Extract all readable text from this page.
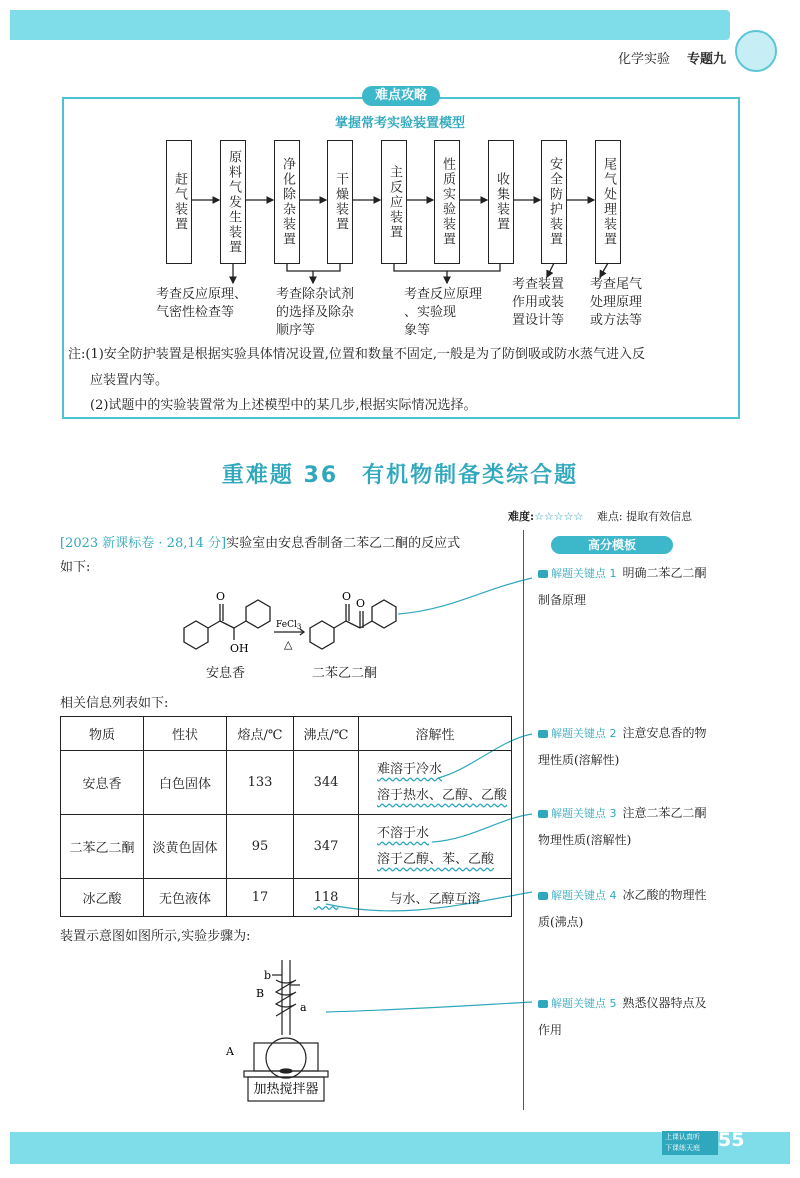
化学实验 专题九
难点攻略
掌握常考实验装置模型
赶气装置	原料气发生装置	净化除杂装置	干燥装置	主反应装置	性质实验装置	收集装置	安全防护装置	尾气处理装置
考查反应原理、
气密性检查等
考查除杂试剂
的选择及除杂
顺序等
考查反应原理
、实验现
象等
考查装置
作用或装
置设计等
考查尾气
处理原理
或方法等
注:(1)安全防护装置是根据实验具体情况设置,位置和数量不固定,一般是为了防倒吸或防水蒸气进入反
应装置内等。
(2)试题中的实验装置常为上述模型中的某几步,根据实际情况选择。
重难题 36　有机物制备类综合题
难度:☆☆☆☆☆ 难点: 提取有效信息
[2023 新课标卷 · 28,14 分]实验室由安息香制备二苯乙二酮的反应式
如下:
O
OH
O
O
FeCl$_3$
△
安息香	二苯乙二酮
相关信息列表如下:
物质	性状	熔点/℃	沸点/℃	溶解性
安息香	白色固体	133	344	难溶于冷水
溶于热水、乙醇、乙酸

二苯乙二酮	淡黄色固体	95	347	不溶于水
溶于乙醇、苯、乙酸

冰乙酸	无色液体	17	118	与水、乙醇互溶
装置示意图如图所示,实验步骤为:
b
B
a
A
加热搅拌器
高分模板
解题关键点 1 明确二苯乙二酮
制备原理
解题关键点 2 注意安息香的物
理性质(溶解性)
解题关键点 3 注意二苯乙二酮
物理性质(溶解性)
解题关键点 4 冰乙酸的物理性
质(沸点)
解题关键点 5 熟悉仪器特点及
作用
上课认真听
下课练天庭 55
